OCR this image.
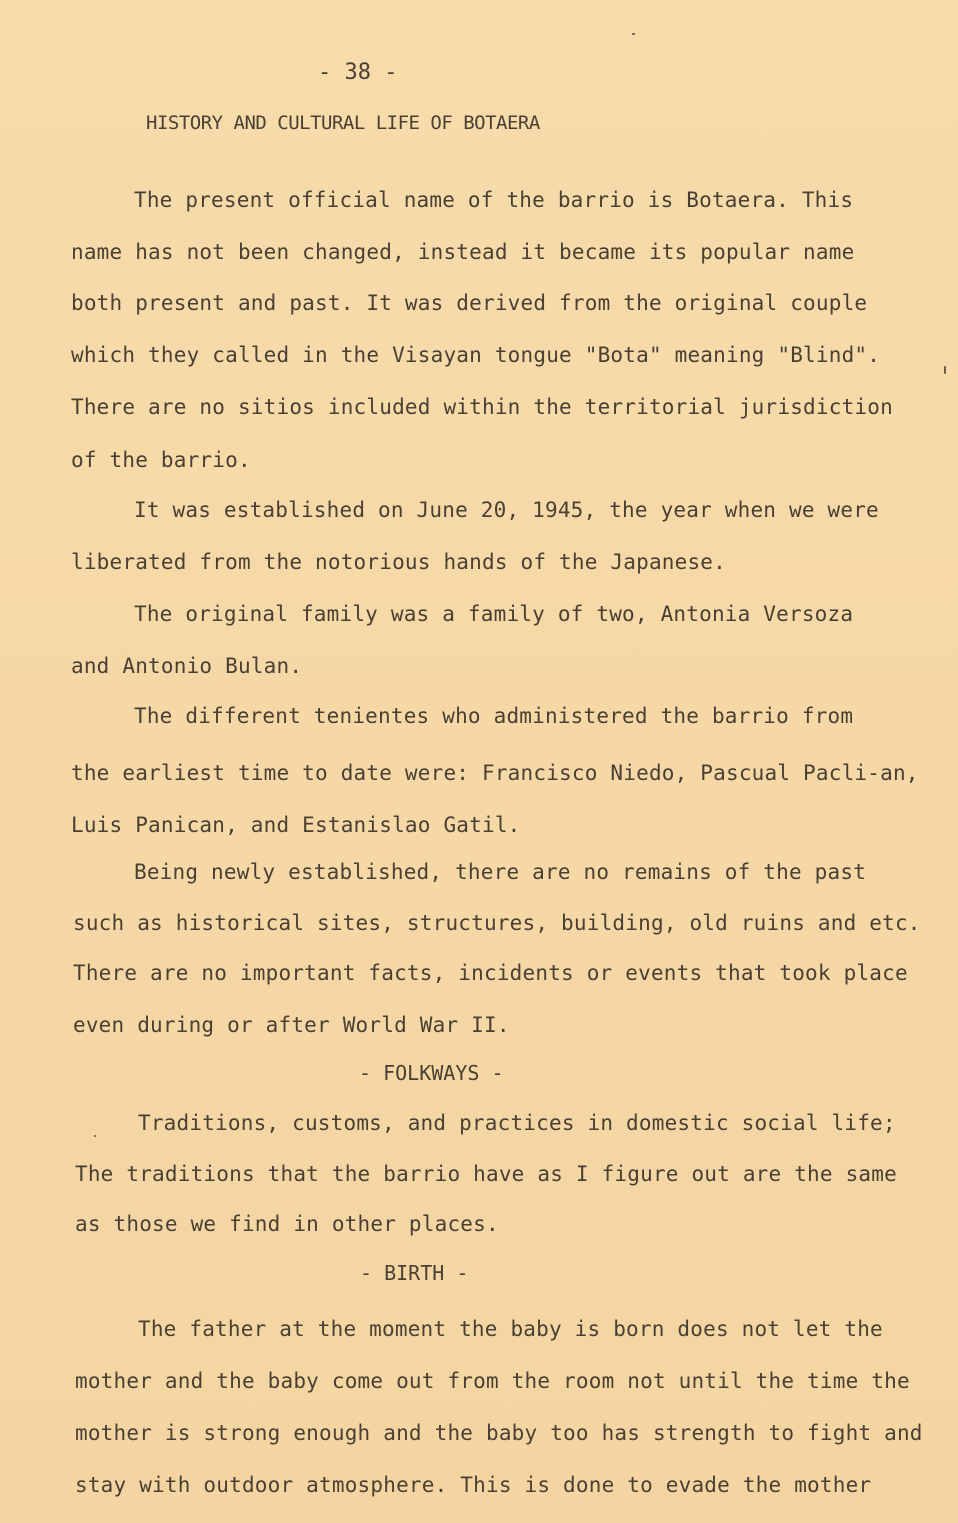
- 38 -
HISTORY AND CULTURAL LIFE OF BOTAERA
The present official name of the barrio is Botaera. This
name has not been changed, instead it became its popular name
both present and past. It was derived from the original couple
which they called in the Visayan tongue "Bota" meaning "Blind".
There are no sitios included within the territorial jurisdiction
of the barrio.
It was established on June 20, 1945, the year when we were
liberated from the notorious hands of the Japanese.
The original family was a family of two, Antonia Versoza
and Antonio Bulan.
The different tenientes who administered the barrio from
the earliest time to date were: Francisco Niedo, Pascual Pacli-an,
Luis Panican, and Estanislao Gatil.
Being newly established, there are no remains of the past
such as historical sites, structures, building, old ruins and etc.
There are no important facts, incidents or events that took place
even during or after World War II.
- FOLKWAYS -
Traditions, customs, and practices in domestic social life;
The traditions that the barrio have as I figure out are the same
as those we find in other places.
- BIRTH -
The father at the moment the baby is born does not let the
mother and the baby come out from the room not until the time the
mother is strong enough and the baby too has strength to fight and
stay with outdoor atmosphere. This is done to evade the mother
